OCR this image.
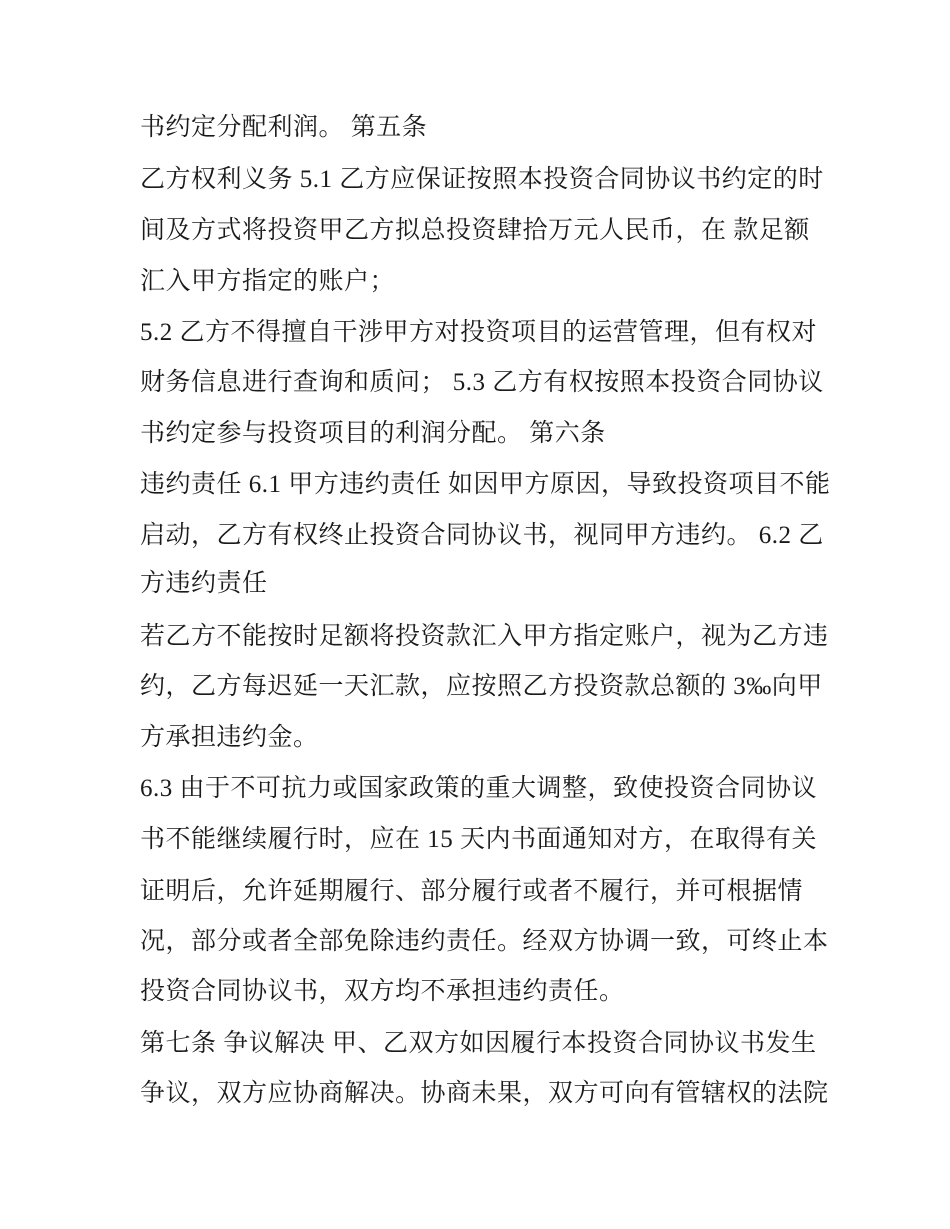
书约定分配利润。 第五条
乙方权利义务 5.1 乙方应保证按照本投资合同协议书约定的时
间及方式将投资甲乙方拟总投资肆拾万元人民币，在 款足额
汇入甲方指定的账户；
5.2 乙方不得擅自干涉甲方对投资项目的运营管理，但有权对
财务信息进行查询和质问； 5.3 乙方有权按照本投资合同协议
书约定参与投资项目的利润分配。 第六条
违约责任 6.1 甲方违约责任 如因甲方原因，导致投资项目不能
启动，乙方有权终止投资合同协议书，视同甲方违约。 6.2 乙
方违约责任
若乙方不能按时足额将投资款汇入甲方指定账户，视为乙方违
约，乙方每迟延一天汇款，应按照乙方投资款总额的 3‰向甲
方承担违约金。
6.3 由于不可抗力或国家政策的重大调整，致使投资合同协议
书不能继续履行时，应在 15 天内书面通知对方，在取得有关
证明后，允许延期履行、部分履行或者不履行，并可根据情
况，部分或者全部免除违约责任。经双方协调一致，可终止本
投资合同协议书，双方均不承担违约责任。
第七条 争议解决 甲、乙双方如因履行本投资合同协议书发生
争议，双方应协商解决。协商未果，双方可向有管辖权的法院
